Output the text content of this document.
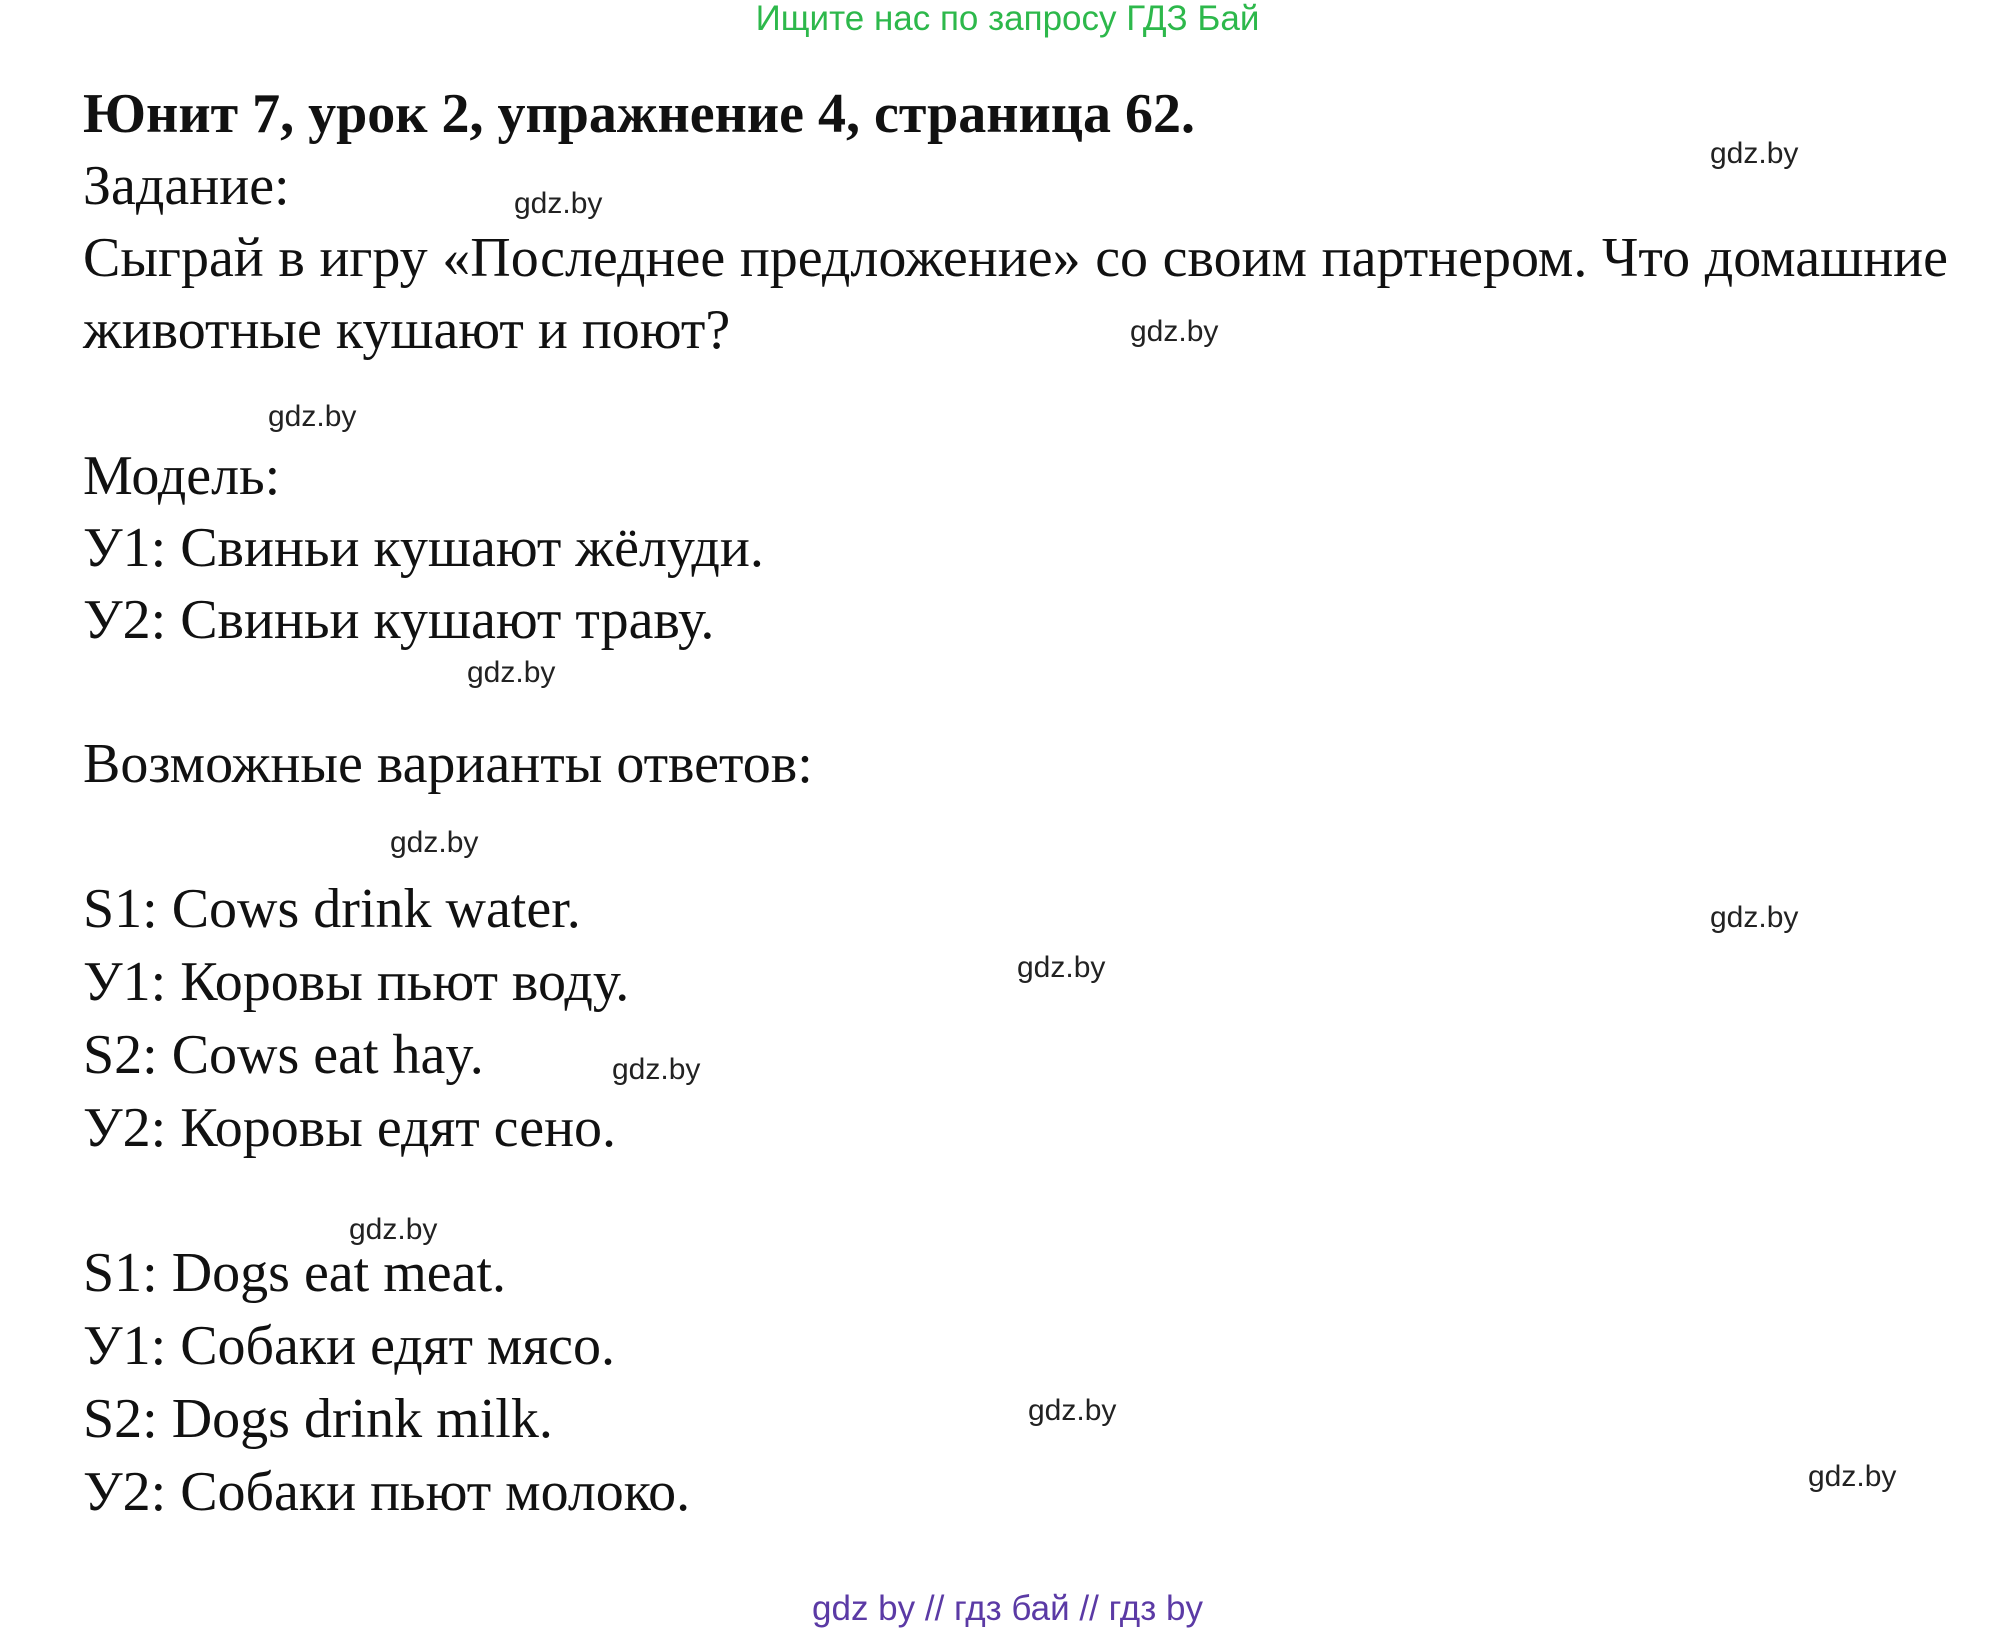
Ищите нас по запросу ГДЗ Бай

Юнит 7, урок 2, упражнение 4, страница 62.

Задание:

Сыграй в игру «Последнее предложение» со своим партнером. Что домашние животные кушают и поют?

Модель:

У1: Свиньи кушают жёлуди.

У2: Свиньи кушают траву.

Возможные варианты ответов:

S1: Cows drink water.

У1: Коровы пьют воду.

S2: Cows eat hay.

У2: Коровы едят сено.

S1: Dogs eat meat.

У1: Собаки едят мясо.

S2: Dogs drink milk.

У2: Собаки пьют молоко.

gdz.by

gdz.by

gdz.by

gdz.by

gdz.by

gdz.by

gdz.by

gdz.by

gdz.by

gdz.by

gdz.by

gdz.by

gdz by // гдз бай // гдз by
